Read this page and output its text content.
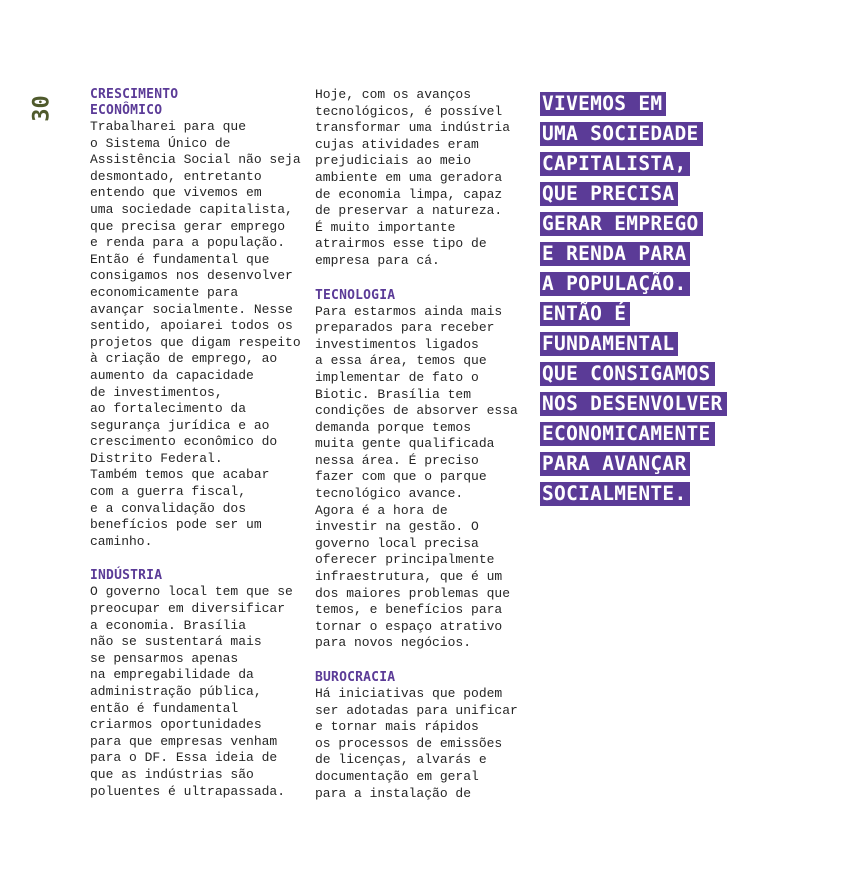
30
CRESCIMENTO
ECONÔMICO

Trabalharei para que
o Sistema Único de
Assistência Social não seja
desmontado, entretanto
entendo que vivemos em
uma sociedade capitalista,
que precisa gerar emprego
e renda para a população.
Então é fundamental que
consigamos nos desenvolver
economicamente para
avançar socialmente. Nesse
sentido, apoiarei todos os
projetos que digam respeito
à criação de emprego, ao
aumento da capacidade
de investimentos,
ao fortalecimento da
segurança jurídica e ao
crescimento econômico do
Distrito Federal.
Também temos que acabar
com a guerra fiscal,
e a convalidação dos
benefícios pode ser um
caminho.

INDÚSTRIA

O governo local tem que se
preocupar em diversificar
a economia. Brasília
não se sustentará mais
se pensarmos apenas
na empregabilidade da
administração pública,
então é fundamental
criarmos oportunidades
para que empresas venham
para o DF. Essa ideia de
que as indústrias são
poluentes é ultrapassada.

Hoje, com os avanços
tecnológicos, é possível
transformar uma indústria
cujas atividades eram
prejudiciais ao meio
ambiente em uma geradora
de economia limpa, capaz
de preservar a natureza.
É muito importante
atrairmos esse tipo de
empresa para cá.

TECNOLOGIA

Para estarmos ainda mais
preparados para receber
investimentos ligados
a essa área, temos que
implementar de fato o
Biotic. Brasília tem
condições de absorver essa
demanda porque temos
muita gente qualificada
nessa área. É preciso
fazer com que o parque
tecnológico avance.
Agora é a hora de
investir na gestão. O
governo local precisa
oferecer principalmente
infraestrutura, que é um
dos maiores problemas que
temos, e benefícios para
tornar o espaço atrativo
para novos negócios.

BUROCRACIA

Há iniciativas que podem
ser adotadas para unificar
e tornar mais rápidos
os processos de emissões
de licenças, alvarás e
documentação em geral
para a instalação de

VIVEMOS EM
UMA SOCIEDADE
CAPITALISTA,
QUE PRECISA
GERAR EMPREGO
E RENDA PARA
A POPULAÇÃO.
ENTÃO É
FUNDAMENTAL
QUE CONSIGAMOS
NOS DESENVOLVER
ECONOMICAMENTE
PARA AVANÇAR
SOCIALMENTE.
